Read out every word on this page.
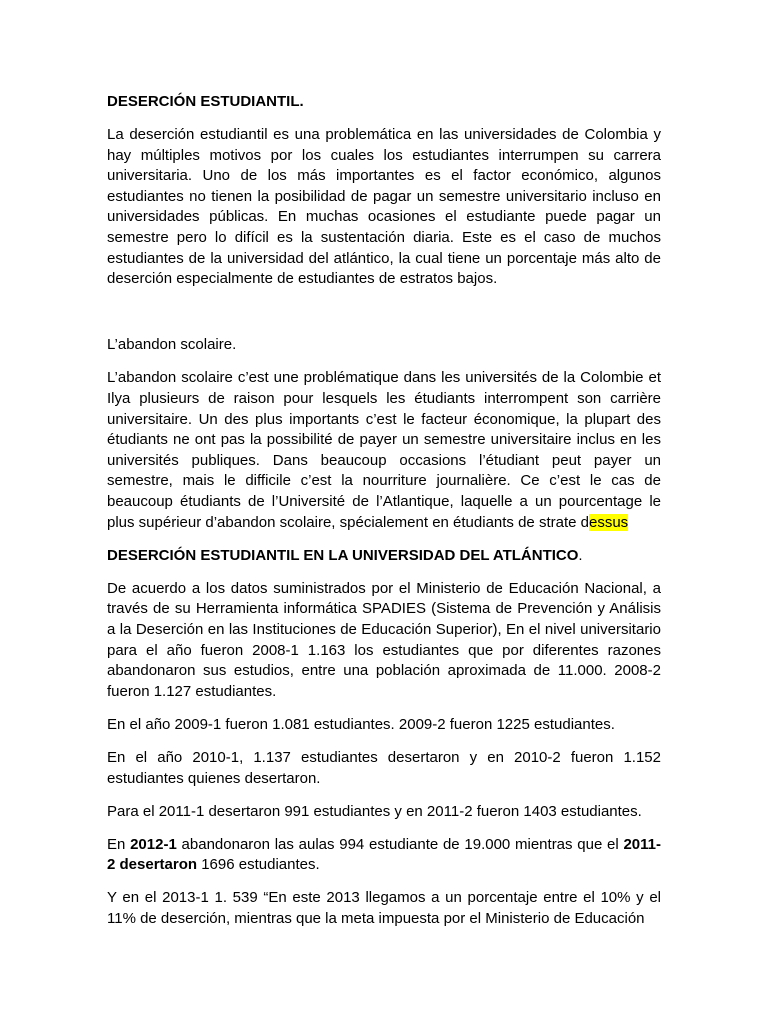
DESERCIÓN ESTUDIANTIL.

La deserción estudiantil es una problemática en las universidades de Colombia y hay múltiples motivos por los cuales los estudiantes interrumpen su carrera universitaria. Uno de los más importantes es el factor económico, algunos estudiantes no tienen la posibilidad de pagar un semestre universitario incluso en universidades públicas. En muchas ocasiones el estudiante puede pagar un semestre pero lo difícil es la sustentación diaria. Este es el caso de muchos estudiantes de la universidad del atlántico, la cual tiene un porcentaje más alto de deserción especialmente de estudiantes de estratos bajos.

L’abandon scolaire.

L’abandon scolaire c’est une problématique dans les universités de la Colombie et Ilya plusieurs de raison pour lesquels les étudiants interrompent son carrière universitaire. Un des plus importants c’est le facteur économique, la plupart des étudiants ne ont pas la possibilité de payer un semestre universitaire inclus en les universités publiques. Dans beaucoup occasions l’étudiant peut payer un semestre, mais le difficile c’est la nourriture journalière. Ce c’est le cas de beaucoup étudiants de l’Université de l’Atlantique, laquelle a un pourcentage le plus supérieur d’abandon scolaire, spécialement en étudiants de strate dessus

DESERCIÓN ESTUDIANTIL EN LA UNIVERSIDAD DEL ATLÁNTICO.

De acuerdo a los datos suministrados por el Ministerio de Educación Nacional, a través de su Herramienta informática SPADIES (Sistema de Prevención y Análisis a la Deserción en las Instituciones de Educación Superior), En el nivel universitario para el año fueron 2008-1 1.163 los estudiantes que por diferentes razones abandonaron sus estudios, entre una población aproximada de 11.000. 2008-2 fueron 1.127 estudiantes.

En el año 2009-1 fueron 1.081 estudiantes. 2009-2 fueron 1225 estudiantes.

En el año 2010-1, 1.137 estudiantes desertaron y en 2010-2 fueron 1.152 estudiantes quienes desertaron.

Para el 2011-1 desertaron 991 estudiantes y en 2011-2 fueron 1403 estudiantes.

En 2012-1 abandonaron las aulas 994 estudiante de 19.000 mientras que el 2011-2 desertaron 1696 estudiantes.

Y en el 2013-1 1. 539 “En este 2013 llegamos a un porcentaje entre el 10% y el 11% de deserción, mientras que la meta impuesta por el Ministerio de Educación
